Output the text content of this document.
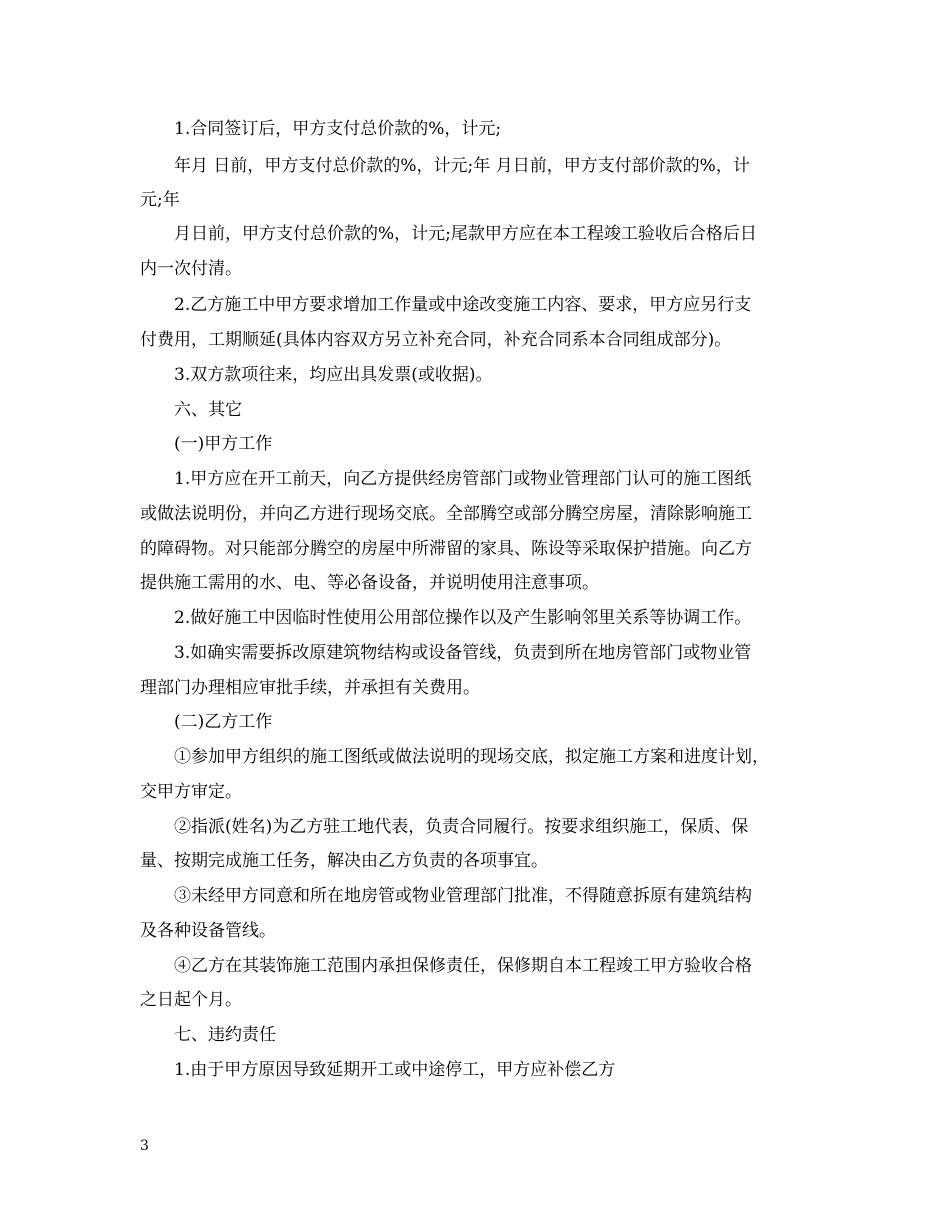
1.合同签订后，甲方支付总价款的%，计元;
年月 日前，甲方支付总价款的%，计元;年 月日前，甲方支付部价款的%，计
元;年
月日前，甲方支付总价款的%，计元;尾款甲方应在本工程竣工验收后合格后日
内一次付清。
2.乙方施工中甲方要求增加工作量或中途改变施工内容、要求，甲方应另行支
付费用，工期顺延(具体内容双方另立补充合同，补充合同系本合同组成部分)。
3.双方款项往来，均应出具发票(或收据)。
六、其它
(一)甲方工作
1.甲方应在开工前天，向乙方提供经房管部门或物业管理部门认可的施工图纸
或做法说明份，并向乙方进行现场交底。全部腾空或部分腾空房屋，清除影响施工
的障碍物。对只能部分腾空的房屋中所滞留的家具、陈设等采取保护措施。向乙方
提供施工需用的水、电、等必备设备，并说明使用注意事项。
2.做好施工中因临时性使用公用部位操作以及产生影响邻里关系等协调工作。
3.如确实需要拆改原建筑物结构或设备管线，负责到所在地房管部门或物业管
理部门办理相应审批手续，并承担有关费用。
(二)乙方工作
①参加甲方组织的施工图纸或做法说明的现场交底，拟定施工方案和进度计划，
交甲方审定。
②指派(姓名)为乙方驻工地代表，负责合同履行。按要求组织施工，保质、保
量、按期完成施工任务，解决由乙方负责的各项事宜。
③未经甲方同意和所在地房管或物业管理部门批准，不得随意拆原有建筑结构
及各种设备管线。
④乙方在其装饰施工范围内承担保修责任，保修期自本工程竣工甲方验收合格
之日起个月。
七、违约责任
1.由于甲方原因导致延期开工或中途停工，甲方应补偿乙方
3
